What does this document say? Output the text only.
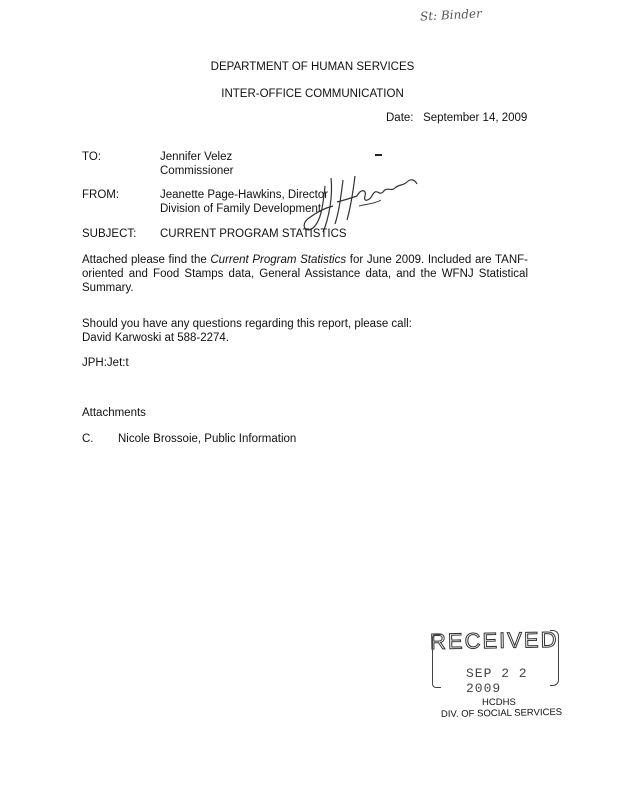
St: Binder
DEPARTMENT OF HUMAN SERVICES
INTER-OFFICE COMMUNICATION
Date: September 14, 2009
TO:	Jennifer Velez
Commissioner
FROM:	Jeanette Page-Hawkins, Director
Division of Family Development
SUBJECT: CURRENT PROGRAM STATISTICS
Attached please find the Current Program Statistics for June 2009. Included are TANF-oriented and Food Stamps data, General Assistance data, and the WFNJ Statistical Summary.
Should you have any questions regarding this report, please call:
David Karwoski at 588-2274.
JPH:Jet:t
Attachments
C. Nicole Brossoie, Public Information
RECEIVED
SEP 2 2 2009
HCDHS
DIV. OF SOCIAL SERVICES
